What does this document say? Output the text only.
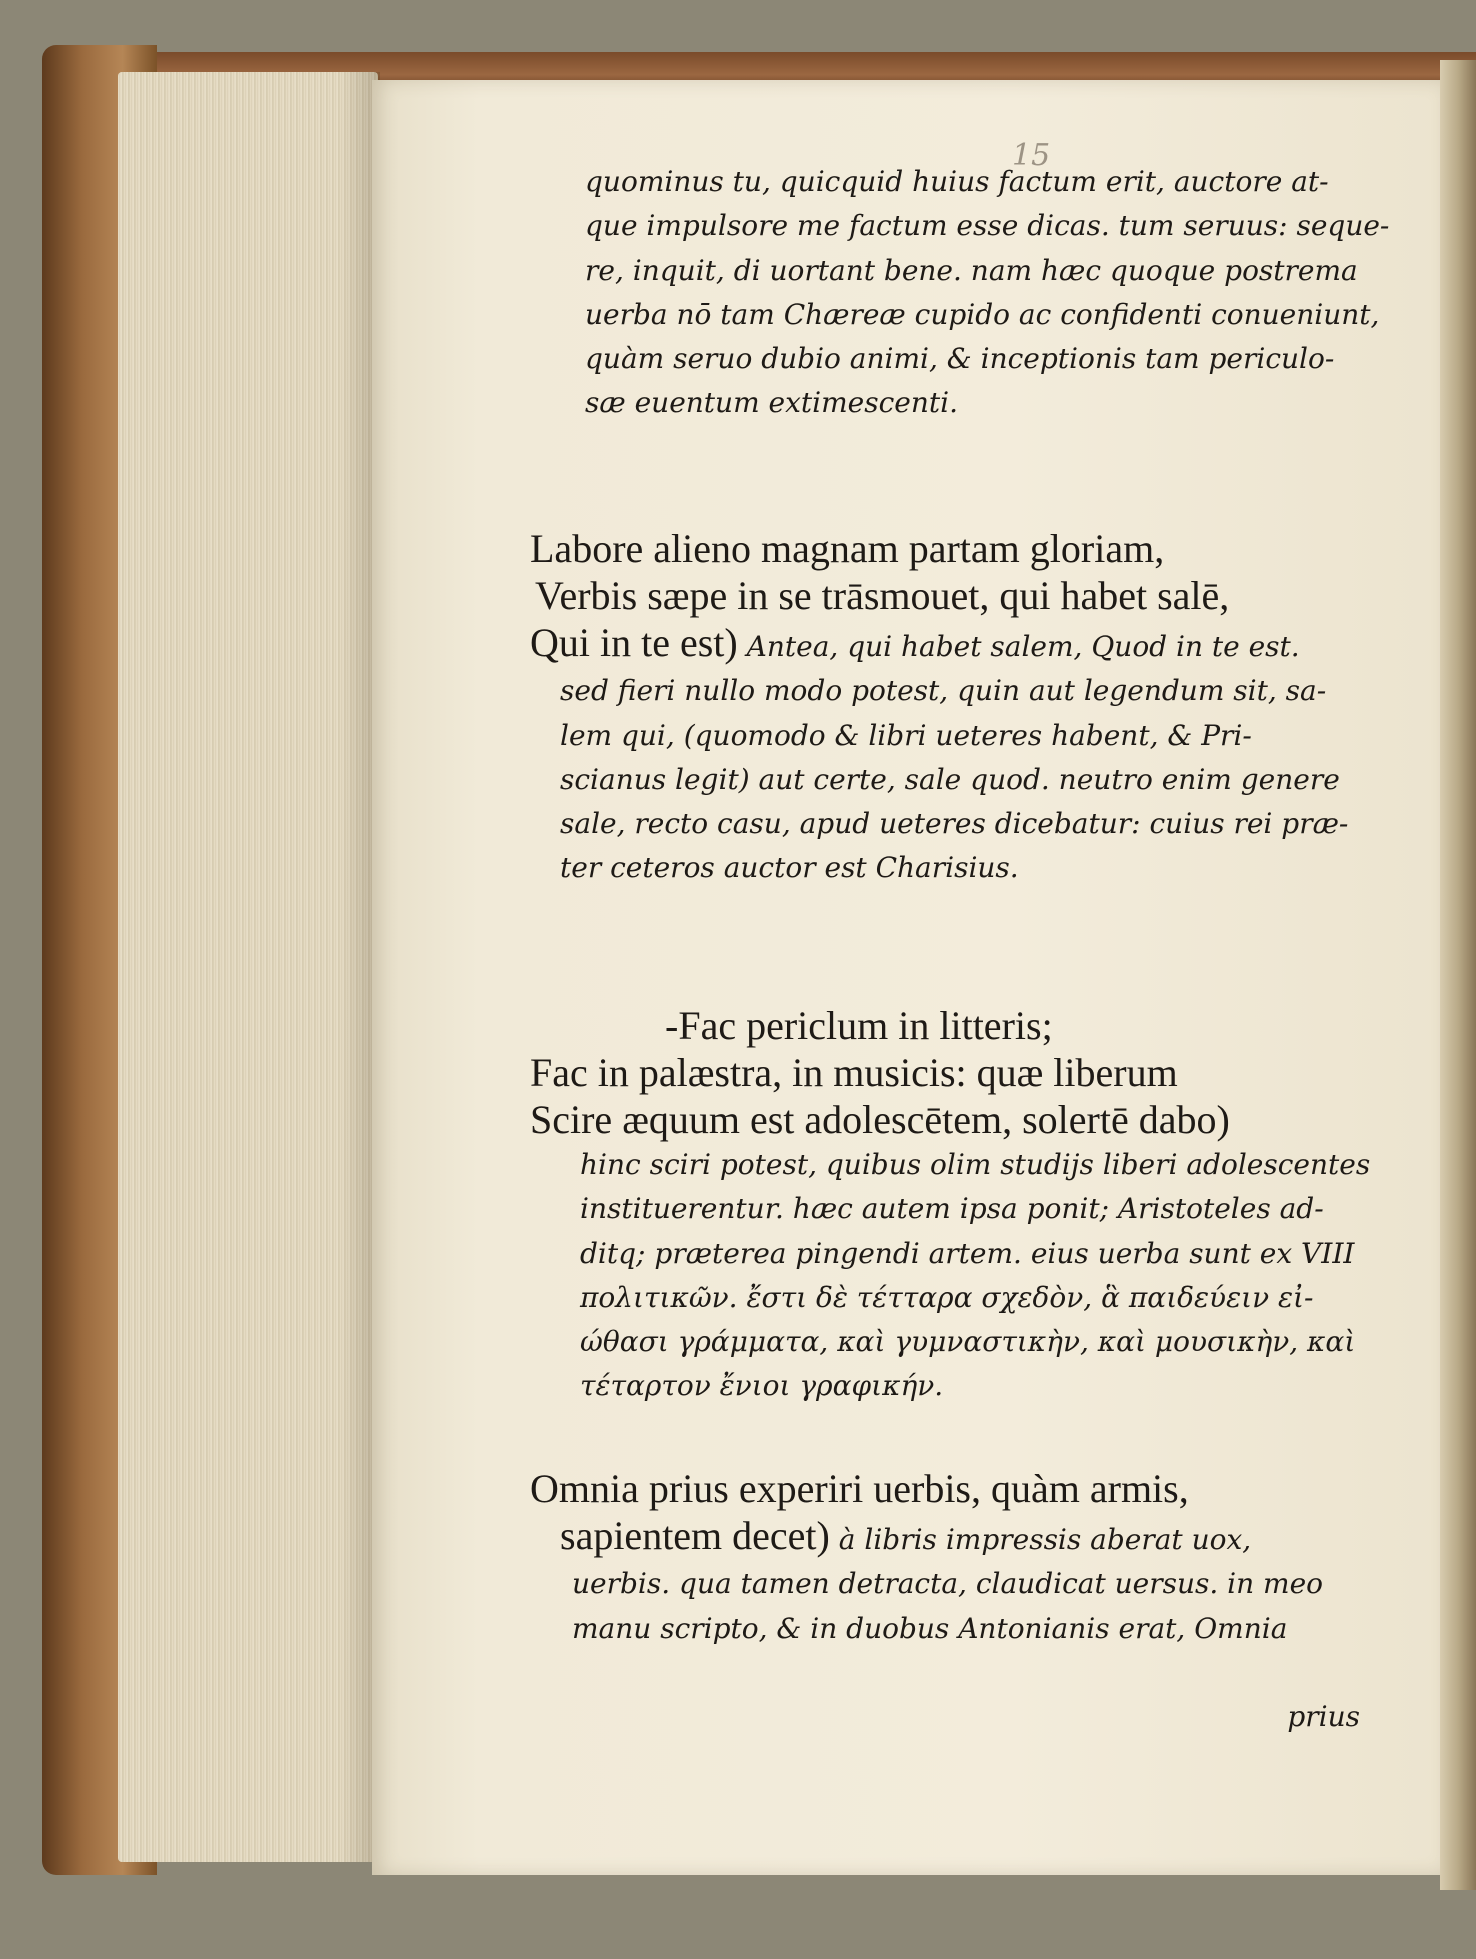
15

quominus tu, quicquid huius factum erit, auctore at-

que impulsore me factum esse dicas. tum seruus: seque-

re, inquit, di uortant bene. nam hæc quoque postrema

uerba nō tam Chæreæ cupido ac confidenti conueniunt,

quàm seruo dubio animi, & inceptionis tam periculo-

sæ euentum extimescenti.

Labore alieno magnam partam gloriam,

Verbis sæpe in se trāsmouet, qui habet salē,

Qui in te est) Antea, qui habet salem, Quod in te est.

sed fieri nullo modo potest, quin aut legendum sit, sa-

lem qui, (quomodo & libri ueteres habent, & Pri-

scianus legit) aut certe, sale quod. neutro enim genere

sale, recto casu, apud ueteres dicebatur: cuius rei præ-

ter ceteros auctor est Charisius.

-Fac periclum in litteris;

Fac in palæstra, in musicis: quæ liberum

Scire æquum est adolescētem, solertē dabo)

hinc sciri potest, quibus olim studijs liberi adolescentes

instituerentur. hæc autem ipsa ponit; Aristoteles ad-

ditq; præterea pingendi artem. eius uerba sunt ex VIII

πολιτικῶν. ἔστι δὲ τέτταρα σχεδὸν, ἃ παιδεύειν εἰ-

ώθασι γράμματα, καὶ γυμναστικὴν, καὶ μουσικὴν, καὶ

τέταρτον ἔνιοι γραφικήν.

Omnia prius experiri uerbis, quàm armis,

sapientem decet) à libris impressis aberat uox,

uerbis. qua tamen detracta, claudicat uersus. in meo

manu scripto, & in duobus Antonianis erat, Omnia

prius
